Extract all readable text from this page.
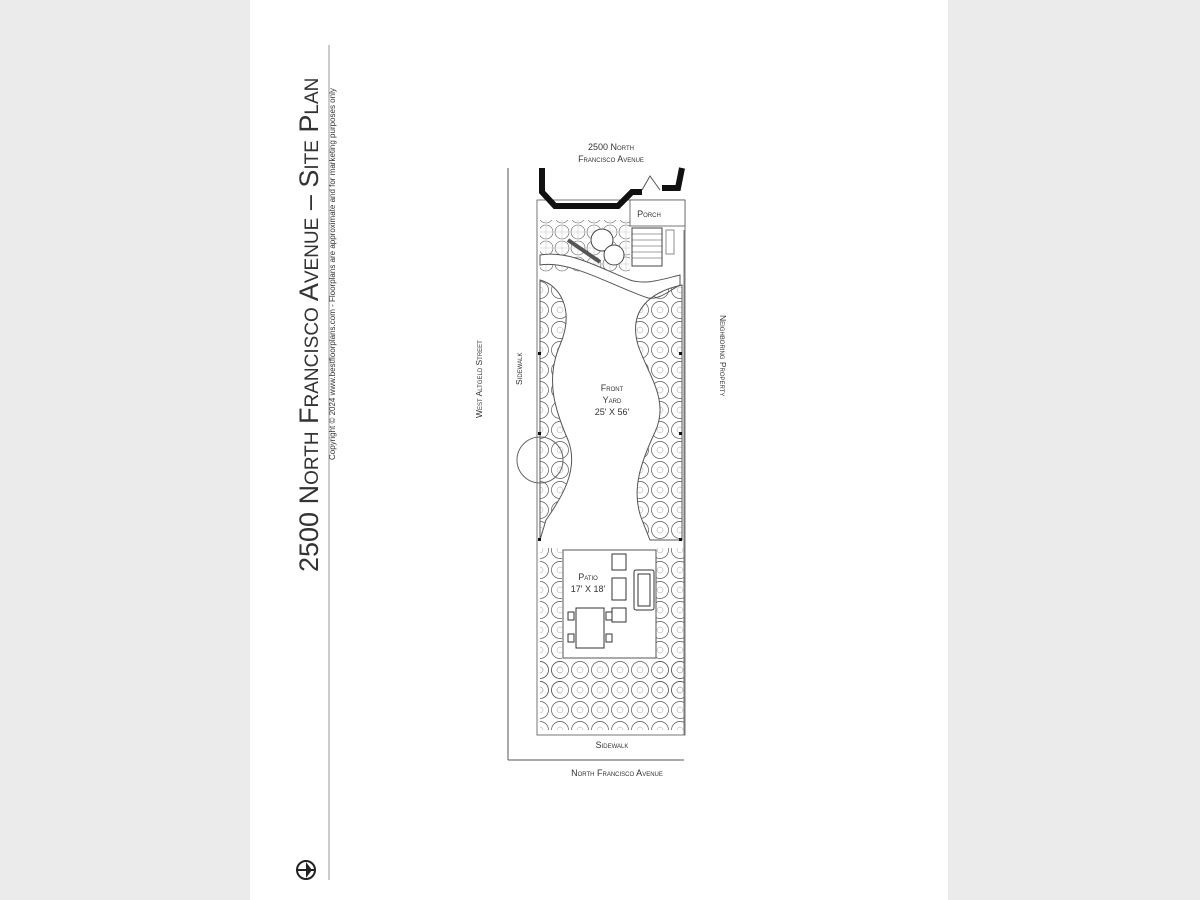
2500 North Francisco Avenue – Site Plan Copyright © 2024 www.bestfloorplans.com - Floorplans are approximate and for marketing purposes only	2500 North
Francisco Avenue
Porch
Front
Yard
25' X 56'
Patio
17' X 18'
Sidewalk
Sidewalk
West Altgeld Street
North Francisco Avenue
Neighboring Property
